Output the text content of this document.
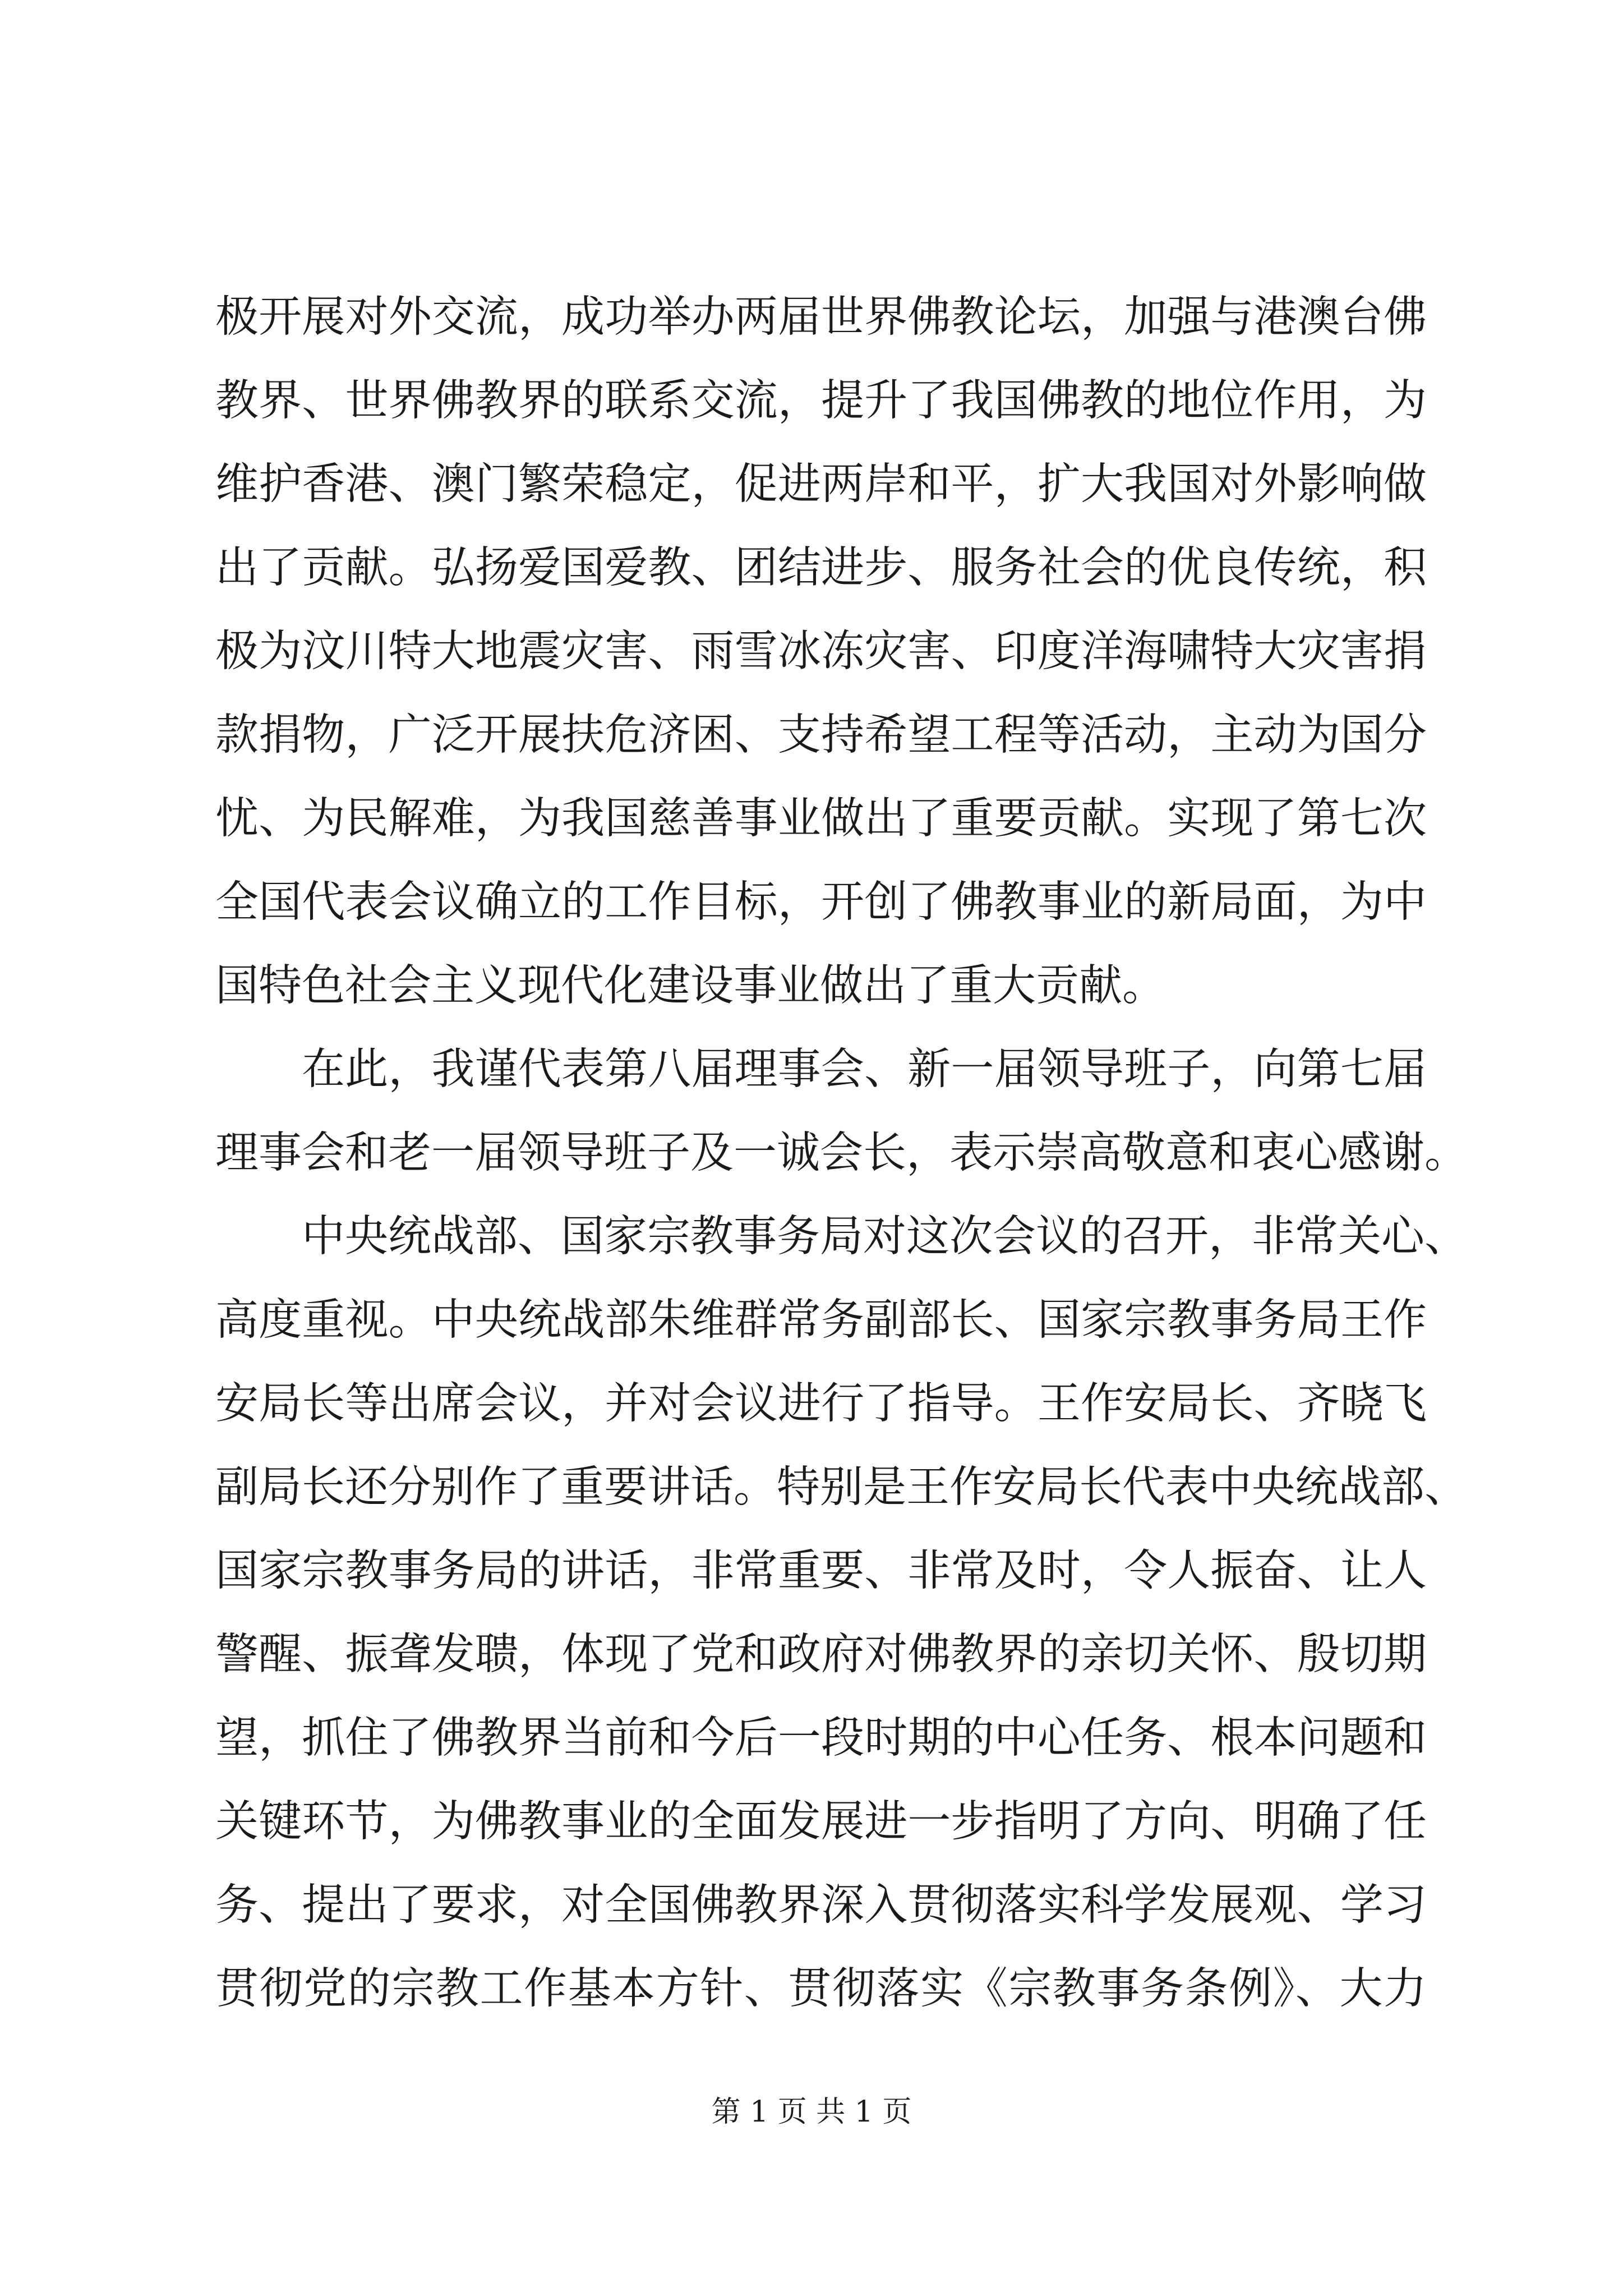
极开展对外交流，成功举办两届世界佛教论坛，加强与港澳台佛
教界、世界佛教界的联系交流，提升了我国佛教的地位作用，为
维护香港、澳门繁荣稳定，促进两岸和平，扩大我国对外影响做
出了贡献。弘扬爱国爱教、团结进步、服务社会的优良传统，积
极为汶川特大地震灾害、雨雪冰冻灾害、印度洋海啸特大灾害捐
款捐物，广泛开展扶危济困、支持希望工程等活动，主动为国分
忧、为民解难，为我国慈善事业做出了重要贡献。实现了第七次
全国代表会议确立的工作目标，开创了佛教事业的新局面，为中
国特色社会主义现代化建设事业做出了重大贡献。
在此，我谨代表第八届理事会、新一届领导班子，向第七届
理事会和老一届领导班子及一诚会长，表示崇高敬意和衷心感谢。
中央统战部、国家宗教事务局对这次会议的召开，非常关心、
高度重视。中央统战部朱维群常务副部长、国家宗教事务局王作
安局长等出席会议，并对会议进行了指导。王作安局长、齐晓飞
副局长还分别作了重要讲话。特别是王作安局长代表中央统战部、
国家宗教事务局的讲话，非常重要、非常及时，令人振奋、让人
警醒、振聋发聩，体现了党和政府对佛教界的亲切关怀、殷切期
望，抓住了佛教界当前和今后一段时期的中心任务、根本问题和
关键环节，为佛教事业的全面发展进一步指明了方向、明确了任
务、提出了要求，对全国佛教界深入贯彻落实科学发展观、学习
贯彻党的宗教工作基本方针、贯彻落实《宗教事务条例》、大力
第 1 页 共 1 页
